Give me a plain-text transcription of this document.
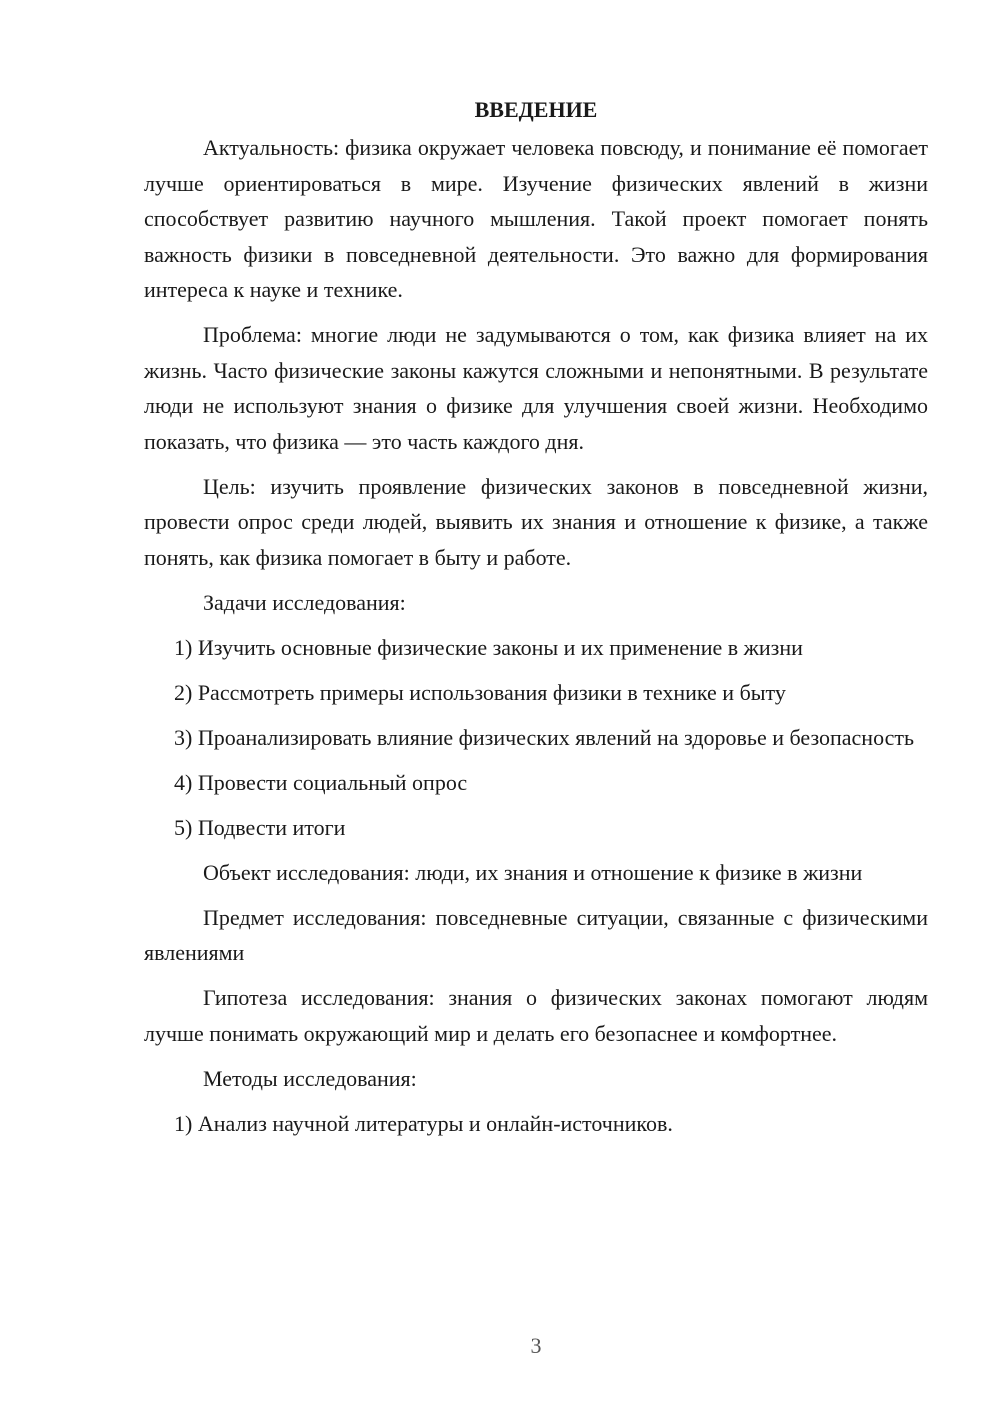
ВВЕДЕНИЕ

Актуальность: физика окружает человека повсюду, и понимание её помогает лучше ориентироваться в мире. Изучение физических явлений в жизни способствует развитию научного мышления. Такой проект помогает понять важность физики в повседневной деятельности. Это важно для формирования интереса к науке и технике.

Проблема: многие люди не задумываются о том, как физика влияет на их жизнь. Часто физические законы кажутся сложными и непонятными. В результате люди не используют знания о физике для улучшения своей жизни. Необходимо показать, что физика — это часть каждого дня.

Цель: изучить проявление физических законов в повседневной жизни, провести опрос среди людей, выявить их знания и отношение к физике, а также понять, как физика помогает в быту и работе.

Задачи исследования:

1) Изучить основные физические законы и их применение в жизни

2) Рассмотреть примеры использования физики в технике и быту

3) Проанализировать влияние физических явлений на здоровье и безопасность

4) Провести социальный опрос

5) Подвести итоги

Объект исследования: люди, их знания и отношение к физике в жизни

Предмет исследования: повседневные ситуации, связанные с физическими явлениями

Гипотеза исследования: знания о физических законах помогают людям лучше понимать окружающий мир и делать его безопаснее и комфортнее.

Методы исследования:

1) Анализ научной литературы и онлайн-источников.

3
